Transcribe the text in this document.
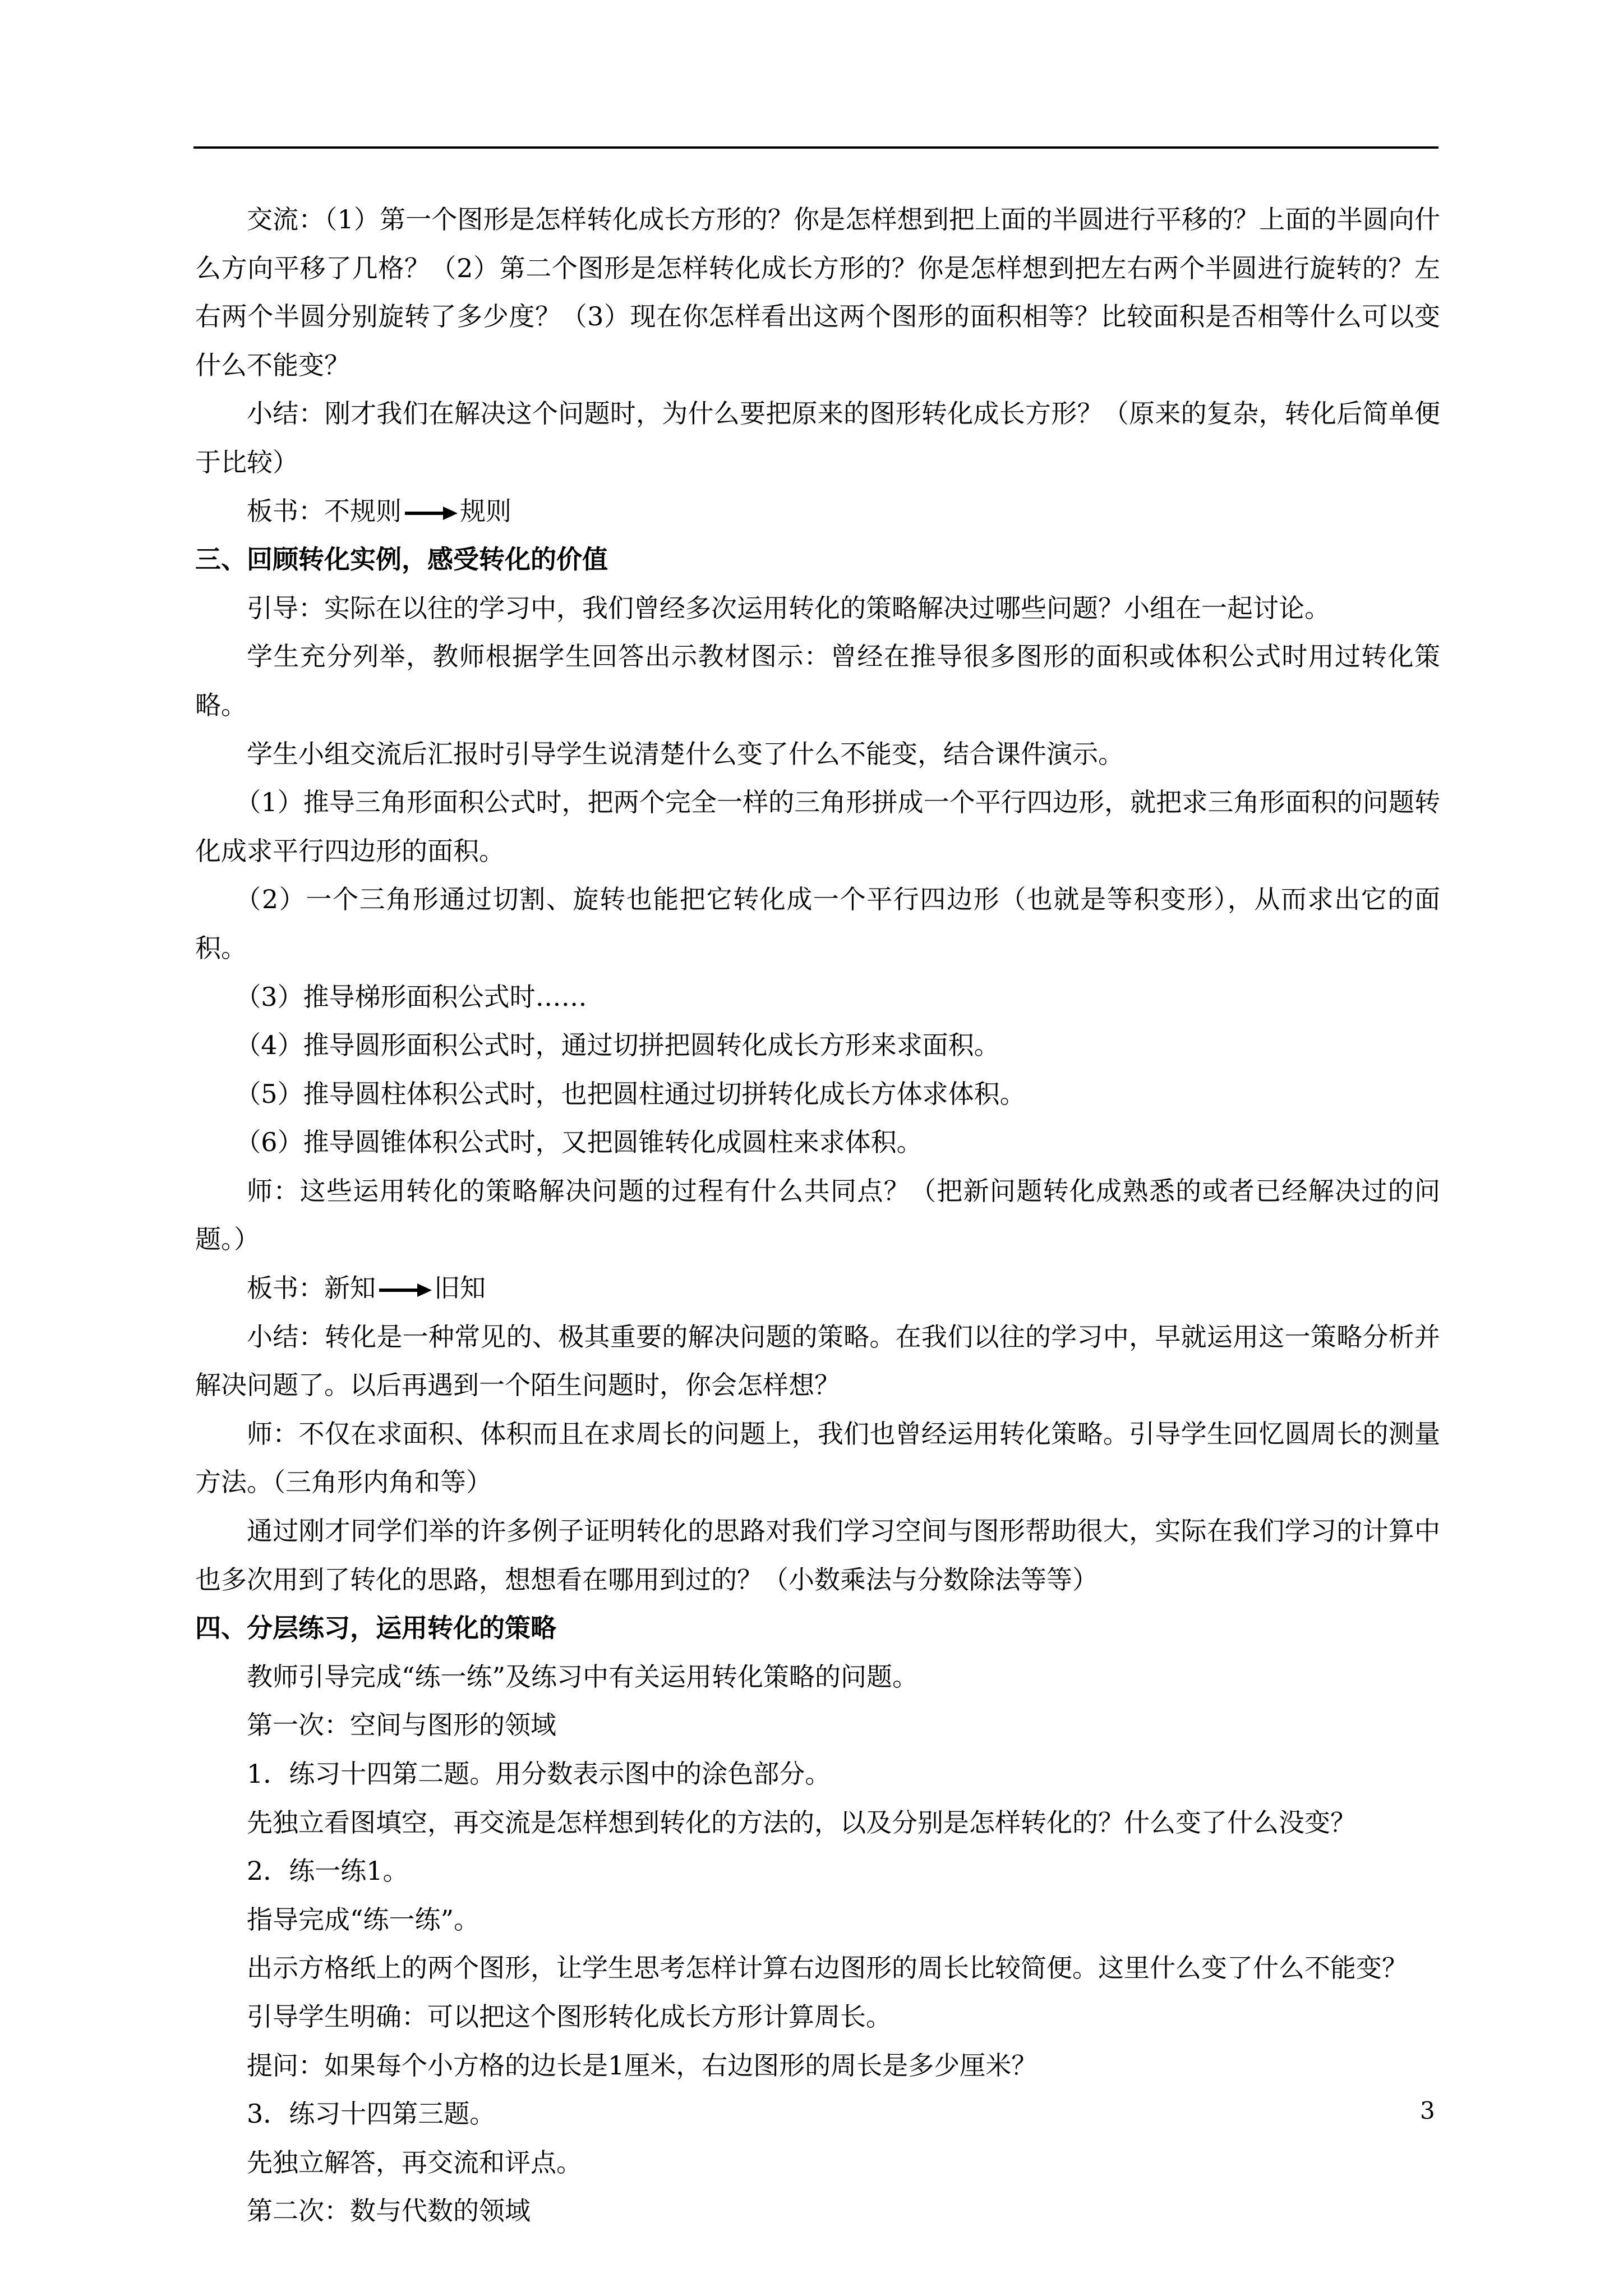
交流：（1）第一个图形是怎样转化成长方形的？你是怎样想到把上面的半圆进行平移的？上面的半圆向什么方向平移了几格？（2）第二个图形是怎样转化成长方形的？你是怎样想到把左右两个半圆进行旋转的？左右两个半圆分别旋转了多少度？（3）现在你怎样看出这两个图形的面积相等？比较面积是否相等什么可以变什么不能变？

小结：刚才我们在解决这个问题时，为什么要把原来的图形转化成长方形？（原来的复杂，转化后简单便于比较）

板书：不规则 规则

三、回顾转化实例，感受转化的价值

引导：实际在以往的学习中，我们曾经多次运用转化的策略解决过哪些问题？小组在一起讨论。

学生充分列举，教师根据学生回答出示教材图示：曾经在推导很多图形的面积或体积公式时用过转化策略。

学生小组交流后汇报时引导学生说清楚什么变了什么不能变，结合课件演示。

（1）推导三角形面积公式时，把两个完全一样的三角形拼成一个平行四边形，就把求三角形面积的问题转化成求平行四边形的面积。

（2）一个三角形通过切割、旋转也能把它转化成一个平行四边形（也就是等积变形），从而求出它的面积。

（3）推导梯形面积公式时……

（4）推导圆形面积公式时，通过切拼把圆转化成长方形来求面积。

（5）推导圆柱体积公式时，也把圆柱通过切拼转化成长方体求体积。

（6）推导圆锥体积公式时，又把圆锥转化成圆柱来求体积。

师：这些运用转化的策略解决问题的过程有什么共同点？（把新问题转化成熟悉的或者已经解决过的问题。）

板书：新知 旧知

小结：转化是一种常见的、极其重要的解决问题的策略。在我们以往的学习中，早就运用这一策略分析并解决问题了。以后再遇到一个陌生问题时，你会怎样想？

师：不仅在求面积、体积而且在求周长的问题上，我们也曾经运用转化策略。引导学生回忆圆周长的测量方法。（三角形内角和等）

通过刚才同学们举的许多例子证明转化的思路对我们学习空间与图形帮助很大，实际在我们学习的计算中也多次用到了转化的思路，想想看在哪用到过的？（小数乘法与分数除法等等）

四、分层练习，运用转化的策略

教师引导完成“练一练”及练习中有关运用转化策略的问题。

第一次：空间与图形的领域

1．练习十四第二题。用分数表示图中的涂色部分。

先独立看图填空，再交流是怎样想到转化的方法的，以及分别是怎样转化的？什么变了什么没变？

2．练一练1。

指导完成“练一练”。

出示方格纸上的两个图形，让学生思考怎样计算右边图形的周长比较简便。这里什么变了什么不能变？

引导学生明确：可以把这个图形转化成长方形计算周长。

提问：如果每个小方格的边长是1厘米，右边图形的周长是多少厘米？

3．练习十四第三题。

先独立解答，再交流和评点。

第二次：数与代数的领域

3
